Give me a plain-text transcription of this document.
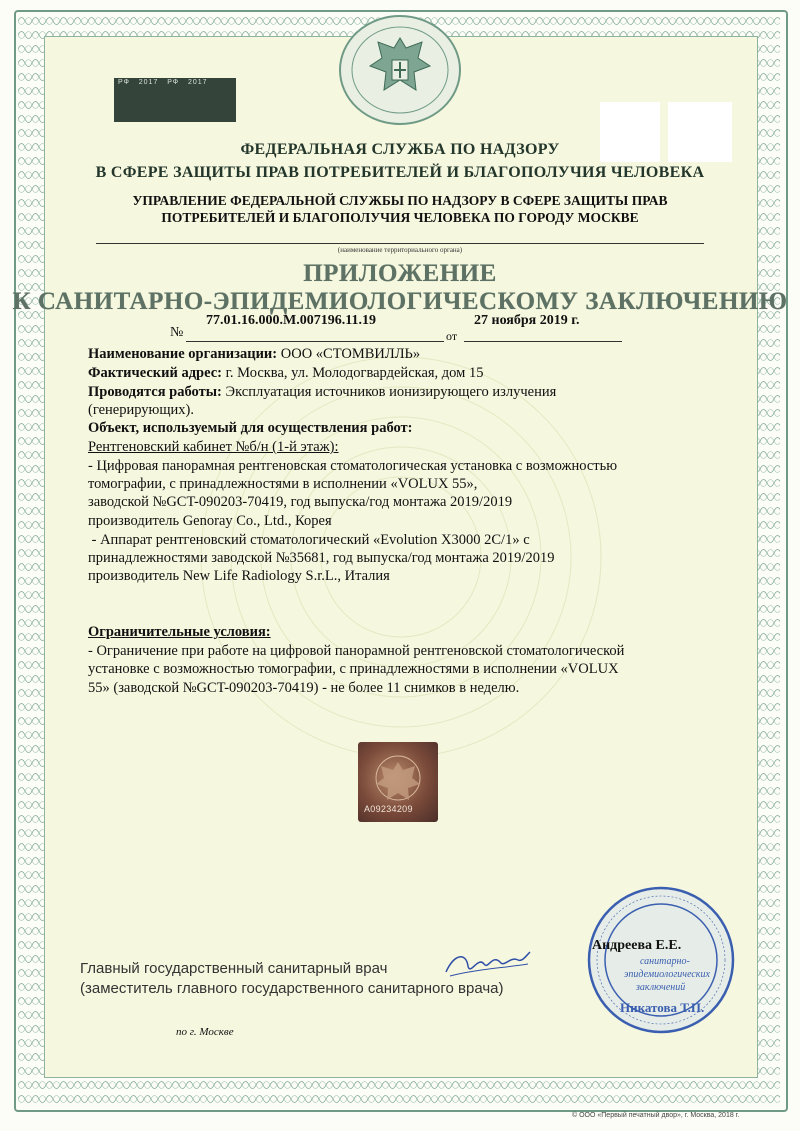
РФ 2017 РФ 2017
ФЕДЕРАЛЬНАЯ СЛУЖБА ПО НАДЗОРУ
В СФЕРЕ ЗАЩИТЫ ПРАВ ПОТРЕБИТЕЛЕЙ И БЛАГОПОЛУЧИЯ ЧЕЛОВЕКА
УПРАВЛЕНИЕ ФЕДЕРАЛЬНОЙ СЛУЖБЫ ПО НАДЗОРУ В СФЕРЕ ЗАЩИТЫ ПРАВ
ПОТРЕБИТЕЛЕЙ И БЛАГОПОЛУЧИЯ ЧЕЛОВЕКА ПО ГОРОДУ МОСКВЕ
(наименование территориального органа)
ПРИЛОЖЕНИЕ
К САНИТАРНО-ЭПИДЕМИОЛОГИЧЕСКОМУ ЗАКЛЮЧЕНИЮ
№
77.01.16.000.М.007196.11.19
от
27 ноября 2019 г.
Наименование организации: ООО «СТОМВИЛЛЬ»
Фактический адрес: г. Москва, ул. Молодогвардейская, дом 15
Проводятся работы: Эксплуатация источников ионизирующего излучения
(генерирующих).
Объект, используемый для осуществления работ:
Рентгеновский кабинет №б/н (1-й этаж):
- Цифровая панорамная рентгеновская стоматологическая установка с возможностью
томографии, с принадлежностями в исполнении «VOLUX 55»,
заводской №GCT-090203-70419, год выпуска/год монтажа 2019/2019
производитель Genoray Co., Ltd., Корея
- Аппарат рентгеновский стоматологический «Evolution X3000 2C/1» с
принадлежностями заводской №35681, год выпуска/год монтажа 2019/2019
производитель New Life Radiology S.r.L., Италия
Ограничительные условия:
- Ограничение при работе на цифровой панорамной рентгеновской стоматологической
установке с возможностью томографии, с принадлежностями в исполнении «VOLUX
55» (заводской №GCT-090203-70419) - не более 11 снимков в неделю.
A09234209
Главный государственный санитарный врач
(заместитель главного государственного санитарного врача)
Андреева Е.Е.
санитарно-
эпидемиологических
заключений
Никатова Т.П.
по г. Москве
© ООО «Первый печатный двор», г. Москва, 2018 г.
